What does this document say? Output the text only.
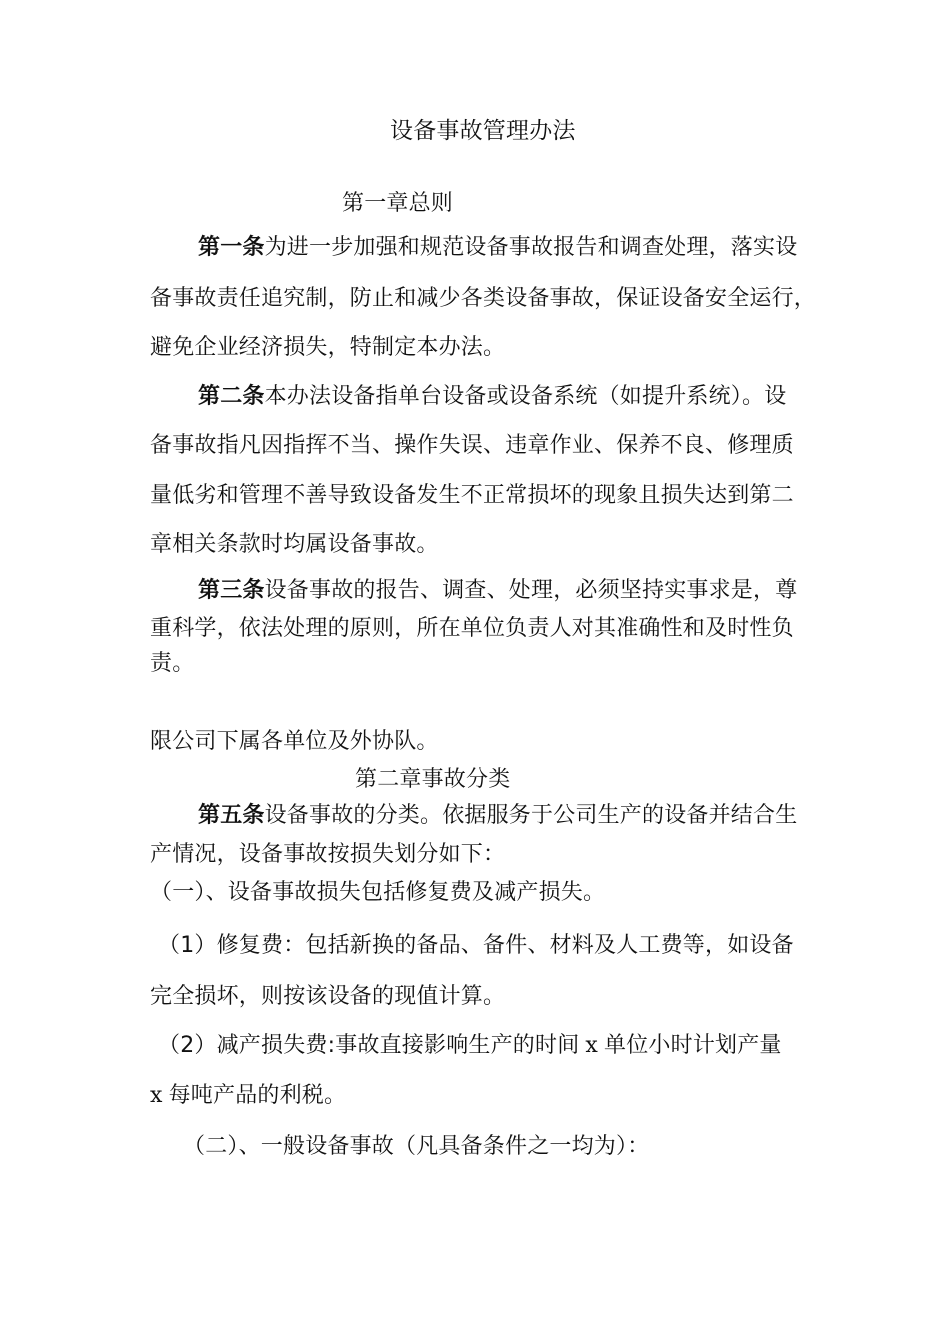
设备事故管理办法
第一章总则
第一条为进一步加强和规范设备事故报告和调查处理，落实设
备事故责任追究制，防止和减少各类设备事故，保证设备安全运行，
避免企业经济损失，特制定本办法。
第二条本办法设备指单台设备或设备系统（如提升系统）。设
备事故指凡因指挥不当、操作失误、违章作业、保养不良、修理质
量低劣和管理不善导致设备发生不正常损坏的现象且损失达到第二
章相关条款时均属设备事故。
第三条设备事故的报告、调查、处理，必须坚持实事求是，尊
重科学，依法处理的原则，所在单位负责人对其准确性和及时性负
责。
限公司下属各单位及外协队。
第二章事故分类
第五条设备事故的分类。依据服务于公司生产的设备并结合生
产情况，设备事故按损失划分如下：
（一）、设备事故损失包括修复费及减产损失。
（1）修复费：包括新换的备品、备件、材料及人工费等，如设备
完全损坏，则按该设备的现值计算。
（2）减产损失费:事故直接影响生产的时间 x 单位小时计划产量
x 每吨产品的利税。
（二）、一般设备事故（凡具备条件之一均为）：
